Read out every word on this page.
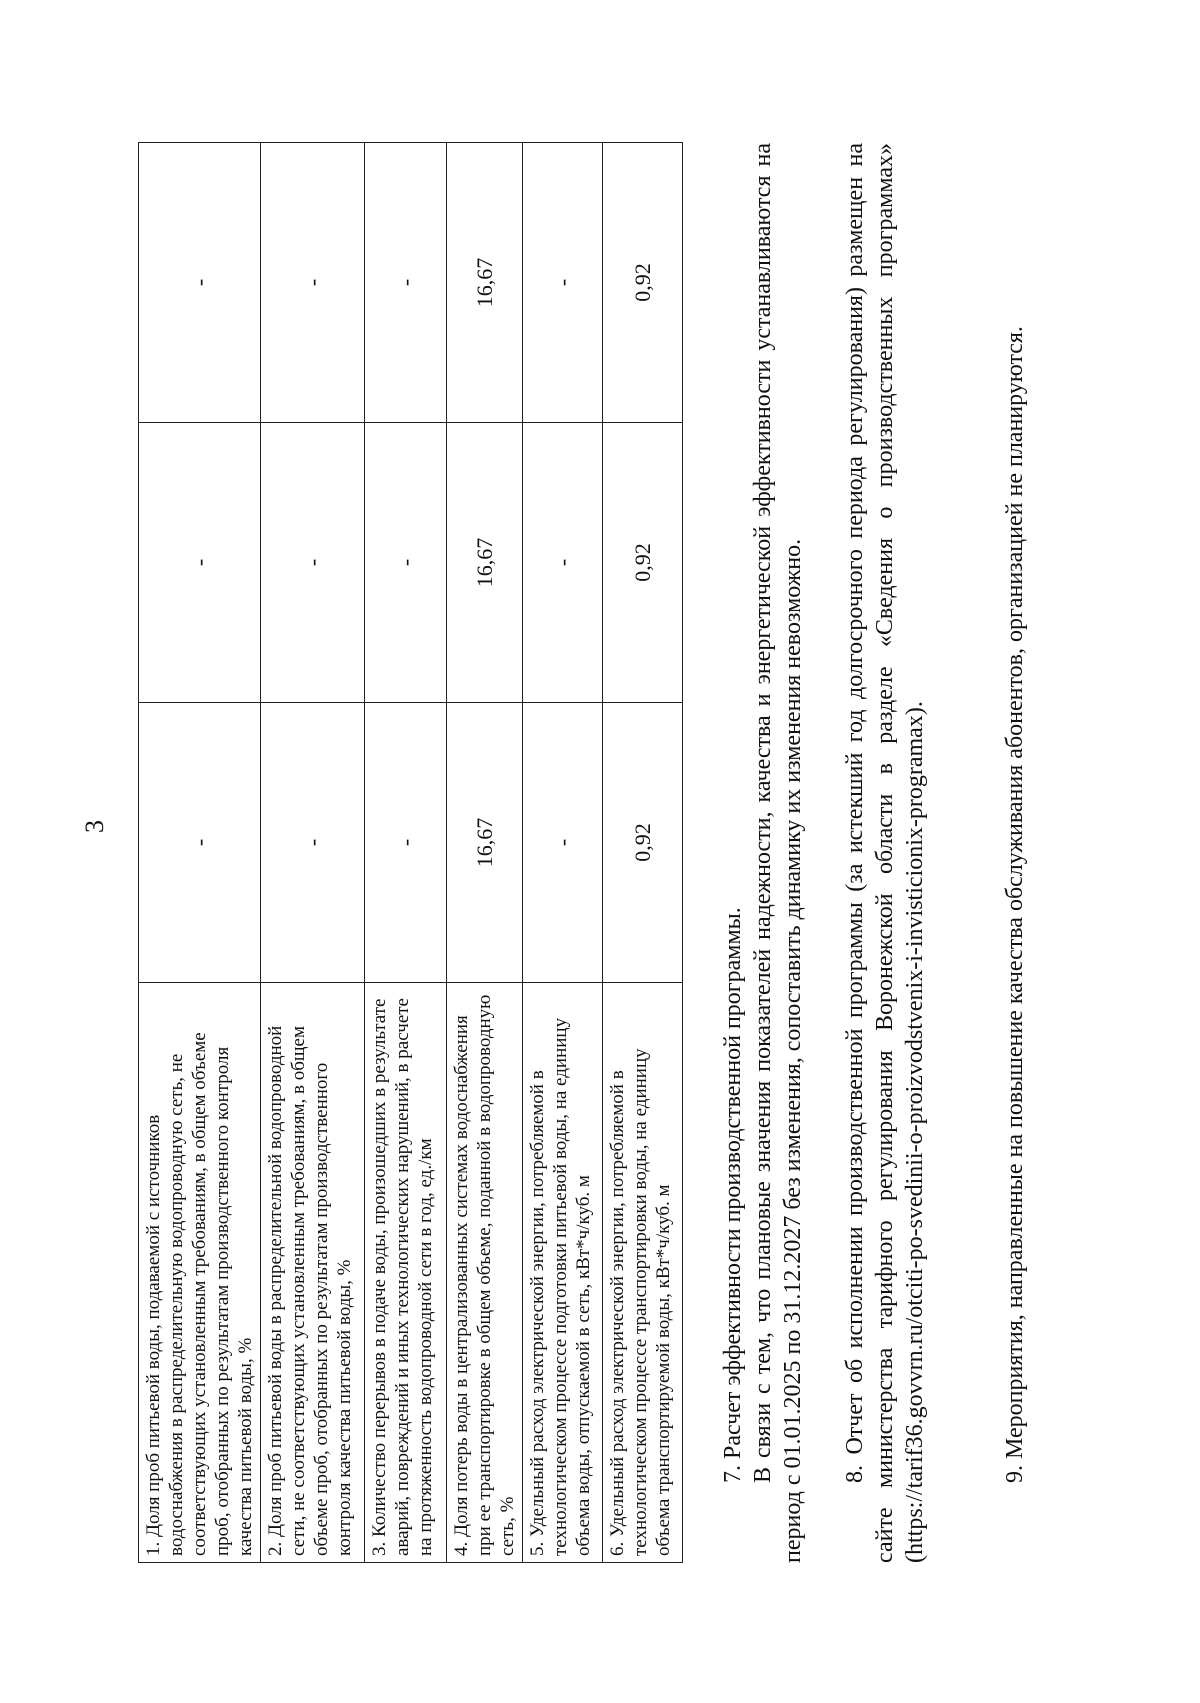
3
1. Доля проб питьевой воды, подаваемой с источников водоснабжения в распределительную водопроводную сеть, не соответствующих установленным требованиям, в общем объеме проб, отобранных по результатам производственного контроля качества питьевой воды, %	-	-	-
2. Доля проб питьевой воды в распределительной водопроводной сети, не соответствующих установленным требованиям, в общем объеме проб, отобранных по результатам производственного контроля качества питьевой воды, %	-	-	-
3. Количество перерывов в подаче воды, произошедших в результате аварий, повреждений и иных технологических нарушений, в расчете на протяженность водопроводной сети в год, ед./км	-	-	-
4. Доля потерь воды в централизованных системах водоснабжения при ее транспортировке в общем объеме, поданной в водопроводную сеть, %	16,67	16,67	16,67
5. Удельный расход электрической энергии, потребляемой в технологическом процессе подготовки питьевой воды, на единицу объема воды, отпускаемой в сеть, кВт*ч/куб. м	-	-	-
6. Удельный расход электрической энергии, потребляемой в технологическом процессе транспортировки воды, на единицу объема транспортируемой воды, кВт*ч/куб. м	0,92	0,92	0,92
7. Расчет эффективности производственной программы. В связи с тем, что плановые значения показателей надежности, качества и энергетической эффективности устанавливаются на период с 01.01.2025 по 31.12.2027 без изменения, сопоставить динамику их изменения невозможно. 8. Отчет об исполнении производственной программы (за истекший год долгосрочного периода регулирования) размещен на сайте министерства тарифного регулирования Воронежской области в разделе «Сведения о производственных программах» (https://tarif36.govvrn.ru/otciti-po-svedinii-o-proizvodstvenix-i-invisticionix-programax).	9. Мероприятия, направленные на повышение качества обслуживания абонентов, организацией не планируются.
